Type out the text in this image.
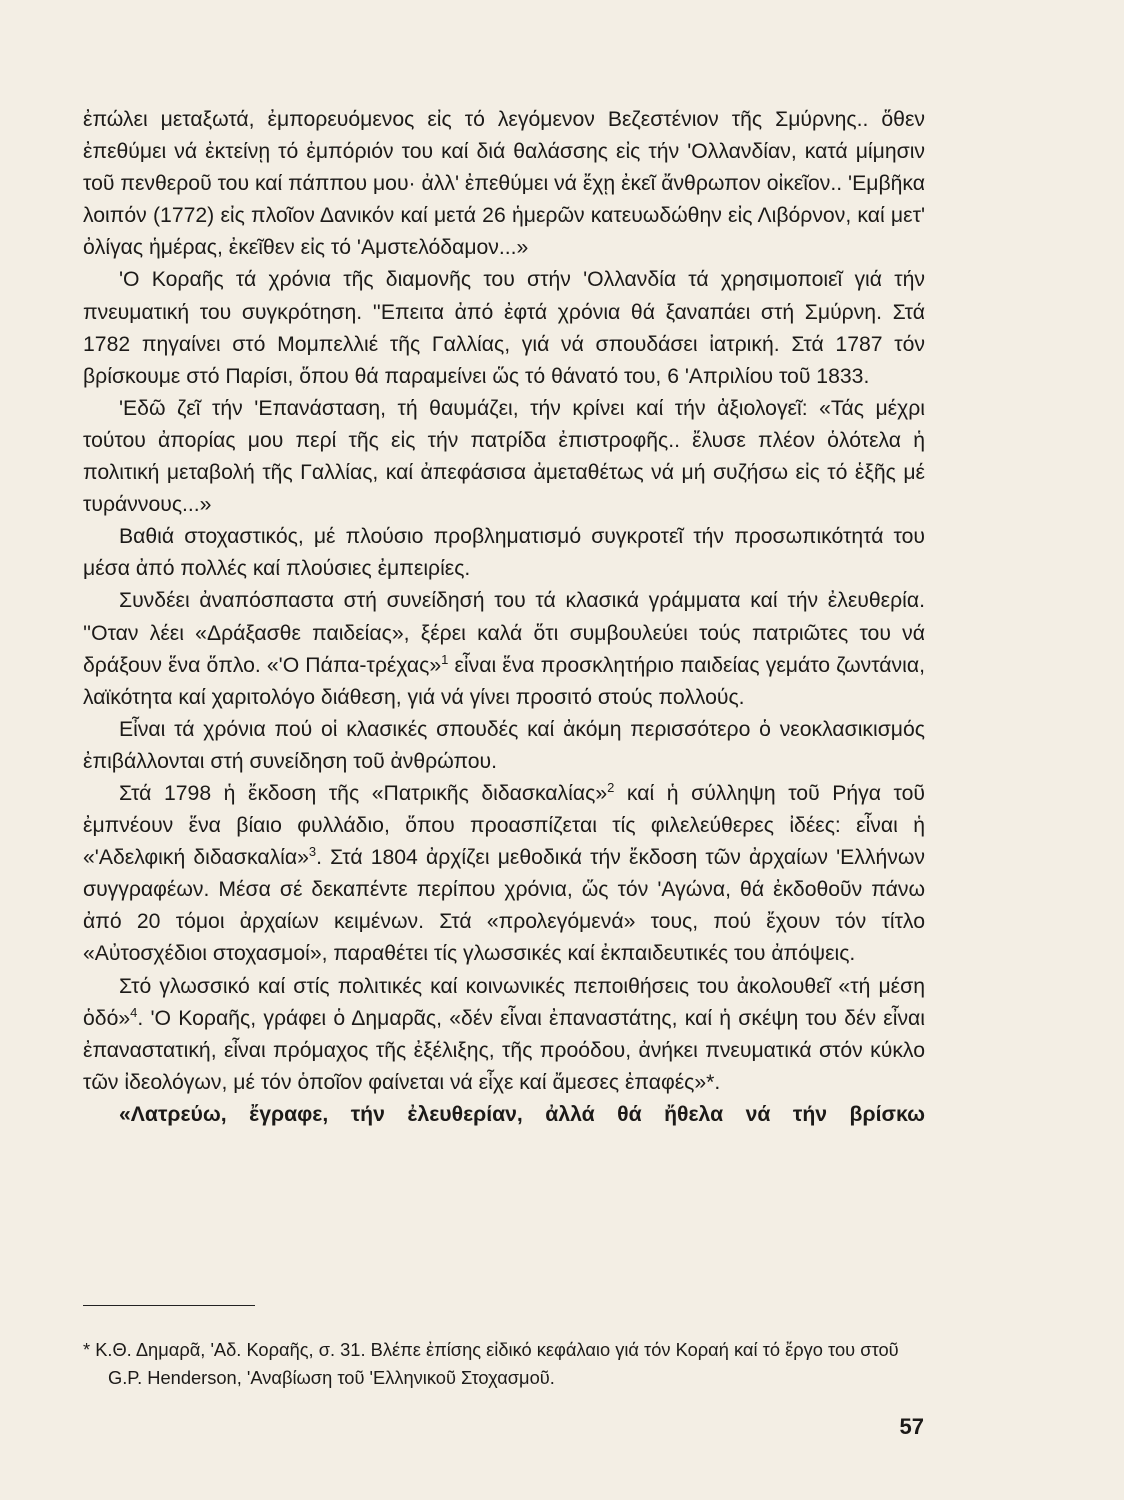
ἐπώλει μεταξωτά, ἐμπορευόμενος εἰς τό λεγόμενον Βεζεστένιον τῆς Σμύρνης.. ὅθεν ἐπεθύμει νά ἐκτείνῃ τό ἐμπόριόν του καί διά θαλάσσης εἰς τήν 'Ολλανδίαν, κατά μίμησιν τοῦ πενθεροῦ του καί πάππου μου· ἀλλ' ἐπεθύμει νά ἔχῃ ἐκεῖ ἄνθρωπον οἰκεῖον.. 'Εμβῆκα λοιπόν (1772) εἰς πλοῖον Δανικόν καί μετά 26 ἡμερῶν κατευωδώθην εἰς Λιβόρνον, καί μετ' ὀλίγας ἡμέρας, ἐκεῖθεν εἰς τό 'Αμστελόδαμον...»

'Ο Κοραῆς τά χρόνια τῆς διαμονῆς του στήν 'Ολλανδία τά χρησιμοποιεῖ γιά τήν πνευματική του συγκρότηση. ''Επειτα ἀπό ἐφτά χρόνια θά ξαναπάει στή Σμύρνη. Στά 1782 πηγαίνει στό Μομπελλιέ τῆς Γαλλίας, γιά νά σπουδάσει ἰατρική. Στά 1787 τόν βρίσκουμε στό Παρίσι, ὅπου θά παραμείνει ὥς τό θάνατό του, 6 'Απριλίου τοῦ 1833.

'Εδῶ ζεῖ τήν 'Επανάσταση, τή θαυμάζει, τήν κρίνει καί τήν ἀξιολογεῖ: «Τάς μέχρι τούτου ἀπορίας μου περί τῆς εἰς τήν πατρίδα ἐπιστροφῆς.. ἔλυσε πλέον ὁλότελα ἡ πολιτική μεταβολή τῆς Γαλλίας, καί ἀπεφάσισα ἀμεταθέτως νά μή συζήσω εἰς τό ἑξῆς μέ τυράννους...»

Βαθιά στοχαστικός, μέ πλούσιο προβληματισμό συγκροτεῖ τήν προσωπικότητά του μέσα ἀπό πολλές καί πλούσιες ἐμπειρίες.

Συνδέει ἀναπόσπαστα στή συνείδησή του τά κλασικά γράμματα καί τήν ἐλευθερία. ''Οταν λέει «Δράξασθε παιδείας», ξέρει καλά ὅτι συμβουλεύει τούς πατριῶτες του νά δράξουν ἕνα ὅπλο. «'Ο Πάπα-τρέχας»$^1$ εἶναι ἕνα προσκλητήριο παιδείας γεμάτο ζωντάνια, λαϊκότητα καί χαριτολόγο διάθεση, γιά νά γίνει προσιτό στούς πολλούς.

Εἶναι τά χρόνια πού οἱ κλασικές σπουδές καί ἀκόμη περισσότερο ὁ νεοκλασικισμός ἐπιβάλλονται στή συνείδηση τοῦ ἀνθρώπου.

Στά 1798 ἡ ἔκδοση τῆς «Πατρικῆς διδασκαλίας»$^2$ καί ἡ σύλληψη τοῦ Ρήγα τοῦ ἐμπνέουν ἕνα βίαιο φυλλάδιο, ὅπου προασπίζεται τίς φιλελεύθερες ἰδέες: εἶναι ἡ «'Αδελφική διδασκαλία»$^3$. Στά 1804 ἀρχίζει μεθοδικά τήν ἔκδοση τῶν ἀρχαίων 'Ελλήνων συγγραφέων. Μέσα σέ δεκαπέντε περίπου χρόνια, ὥς τόν 'Αγώνα, θά ἐκδοθοῦν πάνω ἀπό 20 τόμοι ἀρχαίων κειμένων. Στά «προλεγόμενά» τους, πού ἔχουν τόν τίτλο «Αὐτοσχέδιοι στοχασμοί», παραθέτει τίς γλωσσικές καί ἐκπαιδευτικές του ἀπόψεις.

Στό γλωσσικό καί στίς πολιτικές καί κοινωνικές πεποιθήσεις του ἀκολουθεῖ «τή μέση ὁδό»$^4$. 'Ο Κοραῆς, γράφει ὁ Δημαρᾶς, «δέν εἶναι ἐπαναστάτης, καί ἡ σκέψη του δέν εἶναι ἐπαναστατική, εἶναι πρόμαχος τῆς ἐξέλιξης, τῆς προόδου, ἀνήκει πνευματικά στόν κύκλο τῶν ἰδεολόγων, μέ τόν ὁποῖον φαίνεται νά εἶχε καί ἄμεσες ἐπαφές»*.

«Λατρεύω, ἔγραφε, τήν ἐλευθερίαν, ἀλλά θά ἤθελα νά τήν βρίσκω

* Κ.Θ. Δημαρᾶ, 'Αδ. Κοραῆς, σ. 31. Βλέπε ἐπίσης εἰδικό κεφάλαιο γιά τόν Κοραή καί τό ἔργο του στοῦ G.P. Henderson, 'Αναβίωση τοῦ 'Ελληνικοῦ Στοχασμοῦ.

57
